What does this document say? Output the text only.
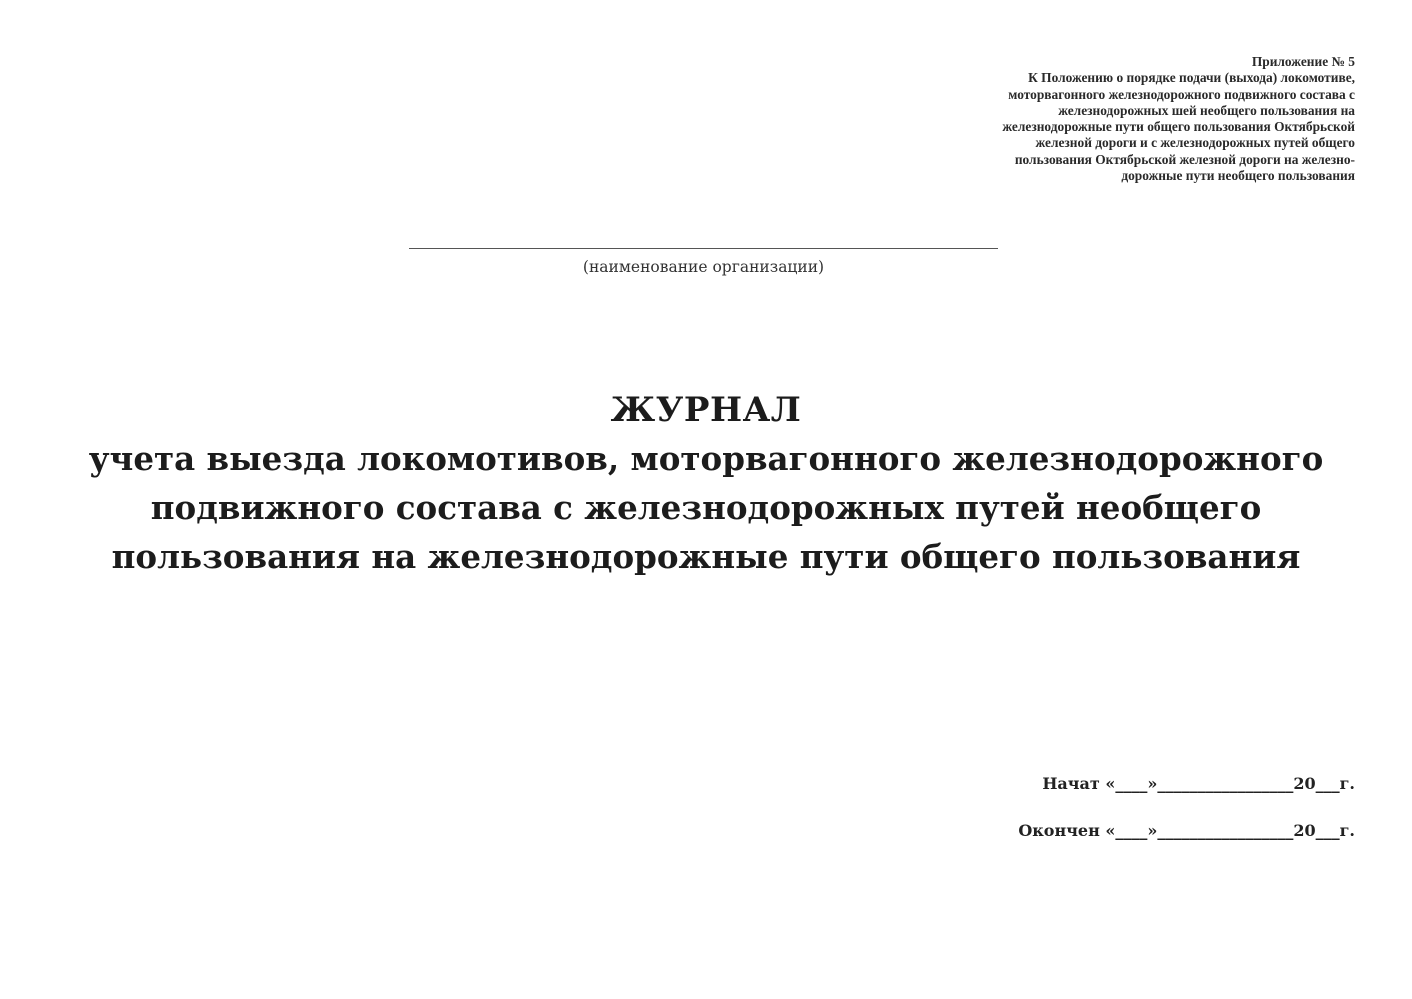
Приложение № 5
К Положению о порядке подачи (выхода) локомотиве,
моторвагонного железнодорожного подвижного состава с
железнодорожных шей необщего пользования на
железнодорожные пути общего пользования Октябрьской
железной дороги и с железнодорожных путей общего
пользования Октябрьской железной дороги на железно-
дорожные пути необщего пользования
(наименование организации)
ЖУРНАЛ
учета выезда локомотивов, моторвагонного железнодорожного
подвижного состава с железнодорожных путей необщего
пользования на железнодорожные пути общего пользования
Начат «____»_________________20___г.
Окончен «____»_________________20___г.
